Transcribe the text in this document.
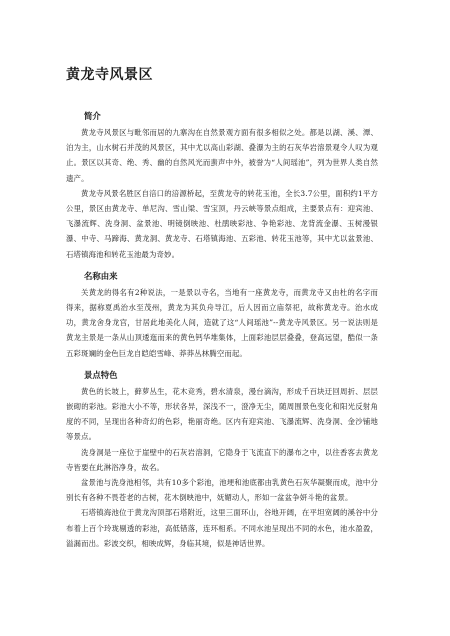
黄龙寺风景区
简介

黄龙寺风景区与毗邻而居的九寨沟在自然景观方面有很多相似之处。都是以湖、溪、潭、泊为主，山水树石并茂的风景区，其中尤以高山彩湖、叠瀑为主的石灰华岩溶景观令人叹为观止。景区以其奇、绝、秀、幽的自然风光而蜚声中外，被誉为“人间瑶池”，列为世界人类自然遗产。

黄龙寺风景名胜区自涪口的涪源桥起，至黄龙寺的转花玉池，全长3.7公里，面积约1平方公里，景区由黄龙寺、单尼沟、雪山梁、雪宝顶，丹云峡等景点组成，主要景点有：迎宾池、飞瀑流辉、洗身洞、盆景池、明镜倒映池、杜鹃映彩池、争艳彩池、龙背流金瀑、玉树漫银瀑、中寺、马蹄海、黄龙洞、黄龙寺、石塔镇海池、五彩池、转花玉池等，其中尤以盆景池、石塔镇海池和转花玉池最为奇妙。

名称由来

关黄龙的得名有2种说法，一是景以寺名，当地有一座黄龙寺，而黄龙寺又由杜的名字而得来，据称夏禹治水至茂州，黄龙为其负舟导江，后人因而立庙祭祀，故称黄龙寺。治水成功，黄龙舍身龙宫，甘居此地美化人间，造就了这“人间瑶池”--黄龙寺风景区。另一说法则是黄龙主景是一条从山顶逶迤而来的黄色钙华堆集体，上面彩池层层叠叠，登高远望，酷似一条五彩斑斓的金色巨龙自皑皑雪峰、莽莽丛林腾空而起。

景点特色

黄色的长坡上，藓萝丛生，花木竞秀，碧水清泉，漫台滴沟，形成千百块迂回周折、层层嵌砌的彩池。彩池大小不等，形状各异，深浅不一，澄净无尘，随周围景色变化和阳光反射角度的不同，呈现出各种奇幻的色彩，艳丽奇绝。区内有迎宾池、飞瀑流辉、洗身洞、金沙铺地等景点。

洗身洞是一座位于崖壁中的石灰岩溶洞，它隐身于飞流直下的瀑布之中，以往香客去黄龙寺皆要在此淋浴净身，故名。

盆景池与洗身池相邻，共有10多个彩池，池埂和池底都由乳黄色石灰华凝聚而成，池中分别长有各种不畏苍老的古树，花木倒映池中，妩媚动人，形如一盆盆争妍斗艳的盆景。

石塔镇海池位于黄龙沟顶部石塔附近，这里三面环山，谷地开阔，在平坦宽阔的溪谷中分布着上百个玲珑剔透的彩池，高低错落，连环相系。不同水池呈现出不同的水色，池水盈盈，溢漏而出。彩波交织，相映成辉，身临其境，似是神话世界。
